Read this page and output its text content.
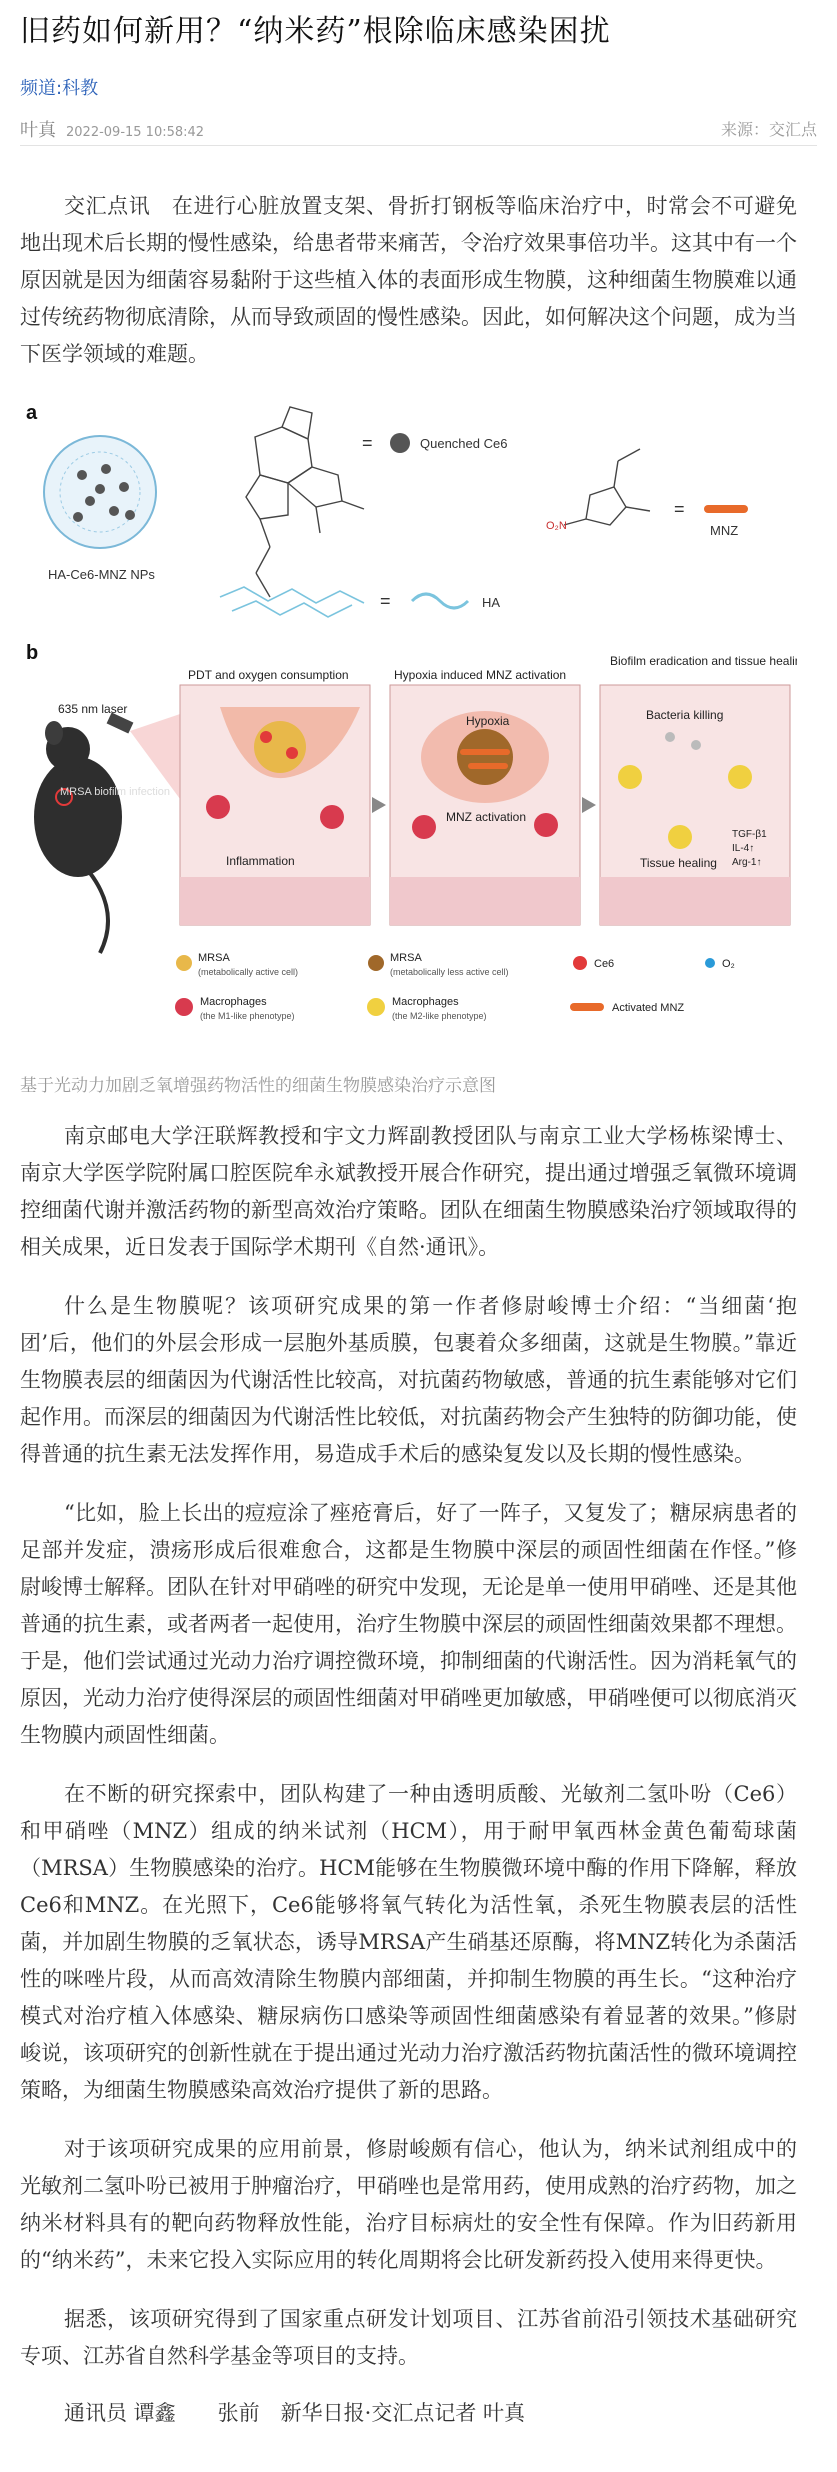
旧药如何新用？“纳米药”根除临床感染困扰
频道:科教
叶真 2022-09-15 10:58:42	来源：交汇点

交汇点讯　在进行心脏放置支架、骨折打钢板等临床治疗中，时常会不可避免地出现术后长期的慢性感染，给患者带来痛苦，令治疗效果事倍功半。这其中有一个原因就是因为细菌容易黏附于这些植入体的表面形成生物膜，这种细菌生物膜难以通过传统药物彻底清除，从而导致顽固的慢性感染。因此，如何解决这个问题，成为当下医学领域的难题。

a
HA-Ce6-MNZ NPs
=	Quenched Ce6
O₂N
=
MNZ
=	HA
b
635 nm laser
MRSA biofilm infection
PDT and oxygen consumption
Inflammation
Hypoxia induced MNZ activation
Hypoxia
MNZ activation
Biofilm eradication and tissue healing
Bacteria killing
Tissue healing
TGF-β1
IL-4↑
Arg-1↑
MRSA
(metabolically active cell)
MRSA
(metabolically less active cell)
Ce6	O₂
Macrophages
(the M1-like phenotype)
Macrophages
(the M2-like phenotype)
Activated MNZ
基于光动力加剧乏氧增强药物活性的细菌生物膜感染治疗示意图

南京邮电大学汪联辉教授和宇文力辉副教授团队与南京工业大学杨栋梁博士、南京大学医学院附属口腔医院牟永斌教授开展合作研究，提出通过增强乏氧微环境调控细菌代谢并激活药物的新型高效治疗策略。团队在细菌生物膜感染治疗领域取得的相关成果，近日发表于国际学术期刊《自然·通讯》。

什么是生物膜呢？该项研究成果的第一作者修尉峻博士介绍：“当细菌‘抱团’后，他们的外层会形成一层胞外基质膜，包裹着众多细菌，这就是生物膜。”靠近生物膜表层的细菌因为代谢活性比较高，对抗菌药物敏感，普通的抗生素能够对它们起作用。而深层的细菌因为代谢活性比较低，对抗菌药物会产生独特的防御功能，使得普通的抗生素无法发挥作用，易造成手术后的感染复发以及长期的慢性感染。

“比如，脸上长出的痘痘涂了痤疮膏后，好了一阵子，又复发了；糖尿病患者的足部并发症，溃疡形成后很难愈合，这都是生物膜中深层的顽固性细菌在作怪。”修尉峻博士解释。团队在针对甲硝唑的研究中发现，无论是单一使用甲硝唑、还是其他普通的抗生素，或者两者一起使用，治疗生物膜中深层的顽固性细菌效果都不理想。于是，他们尝试通过光动力治疗调控微环境，抑制细菌的代谢活性。因为消耗氧气的原因，光动力治疗使得深层的顽固性细菌对甲硝唑更加敏感，甲硝唑便可以彻底消灭生物膜内顽固性细菌。

在不断的研究探索中，团队构建了一种由透明质酸、光敏剂二氢卟吩（Ce6）和甲硝唑（MNZ）组成的纳米试剂（HCM），用于耐甲氧西林金黄色葡萄球菌（MRSA）生物膜感染的治疗。HCM能够在生物膜微环境中酶的作用下降解，释放Ce6和MNZ。在光照下，Ce6能够将氧气转化为活性氧，杀死生物膜表层的活性菌，并加剧生物膜的乏氧状态，诱导MRSA产生硝基还原酶，将MNZ转化为杀菌活性的咪唑片段，从而高效清除生物膜内部细菌，并抑制生物膜的再生长。“这种治疗模式对治疗植入体感染、糖尿病伤口感染等顽固性细菌感染有着显著的效果。”修尉峻说，该项研究的创新性就在于提出通过光动力治疗激活药物抗菌活性的微环境调控策略，为细菌生物膜感染高效治疗提供了新的思路。

对于该项研究成果的应用前景，修尉峻颇有信心，他认为，纳米试剂组成中的光敏剂二氢卟吩已被用于肿瘤治疗，甲硝唑也是常用药，使用成熟的治疗药物，加之纳米材料具有的靶向药物释放性能，治疗目标病灶的安全性有保障。作为旧药新用的“纳米药”，未来它投入实际应用的转化周期将会比研发新药投入使用来得更快。

据悉，该项研究得到了国家重点研发计划项目、江苏省前沿引领技术基础研究专项、江苏省自然科学基金等项目的支持。

通讯员 谭鑫　　张前　新华日报·交汇点记者 叶真
